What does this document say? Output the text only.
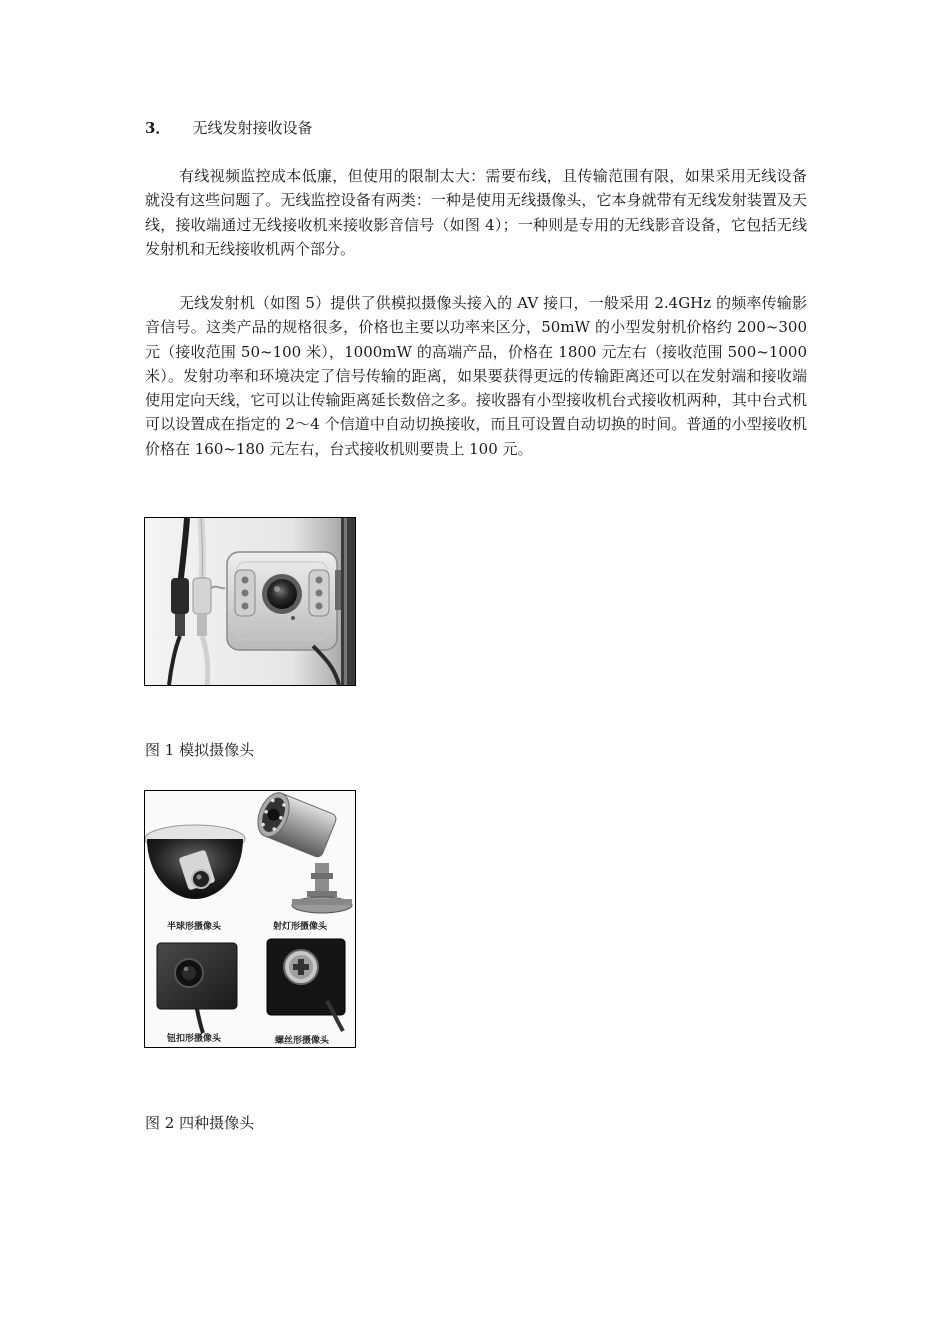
3． 无线发射接收设备

有线视频监控成本低廉，但使用的限制太大：需要布线，且传输范围有限，如果采用无线设备就没有这些问题了。无线监控设备有两类：一种是使用无线摄像头，它本身就带有无线发射装置及天线，接收端通过无线接收机来接收影音信号（如图 4）；一种则是专用的无线影音设备，它包括无线发射机和无线接收机两个部分。

无线发射机（如图 5）提供了供模拟摄像头接入的 AV 接口，一般采用 2.4GHz 的频率传输影音信号。这类产品的规格很多，价格也主要以功率来区分，50mW 的小型发射机价格约 200~300 元（接收范围 50~100 米），1000mW 的高端产品，价格在 1800 元左右（接收范围 500~1000 米）。发射功率和环境决定了信号传输的距离，如果要获得更远的传输距离还可以在发射端和接收端使用定向天线，它可以让传输距离延长数倍之多。接收器有小型接收机台式接收机两种，其中台式机可以设置成在指定的 2～4 个信道中自动切换接收，而且可设置自动切换的时间。普通的小型接收机价格在 160~180 元左右，台式接收机则要贵上 100 元。

图 1 模拟摄像头
半球形摄像头	射灯形摄像头
钮扣形摄像头	螺丝形摄像头
图 2 四种摄像头
